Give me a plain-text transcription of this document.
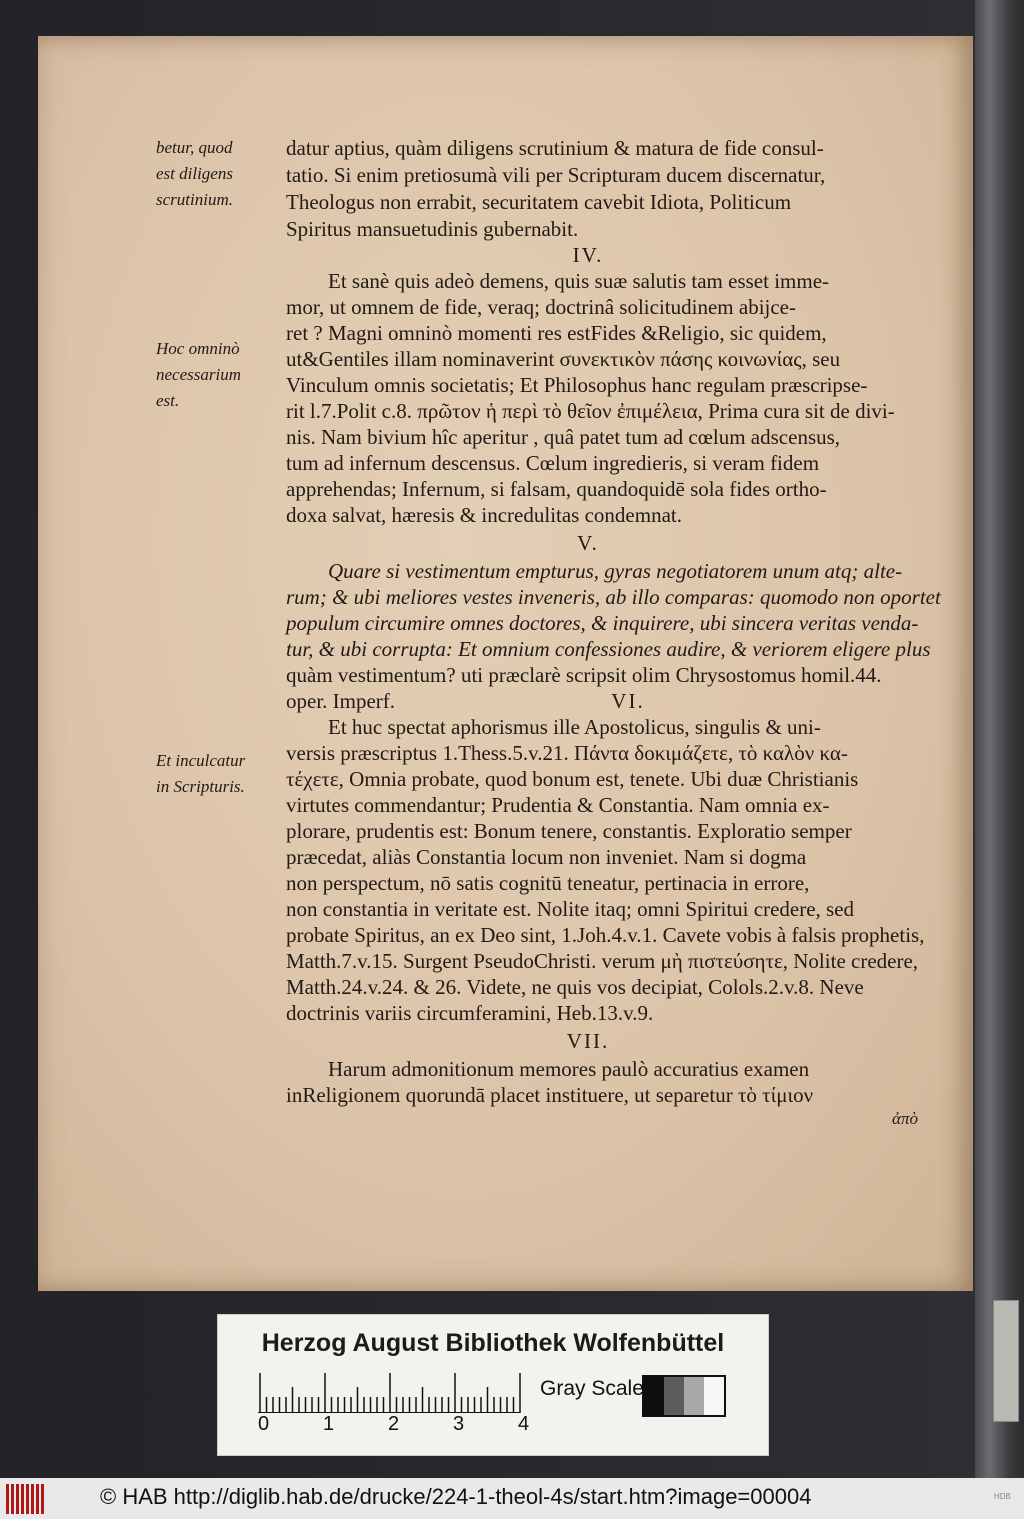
betur, quod
est diligens
scrutinium.
Hoc omninò
necessarium
est.
Et inculcatur
in Scripturis.
datur aptius, quàm diligens scrutinium & matura de fide consul-
tatio. Si enim pretiosumà vili per Scripturam ducem discernatur,
Theologus non errabit, securitatem cavebit Idiota, Politicum
Spiritus mansuetudinis gubernabit.
IV.
Et sanè quis adeò demens, quis suæ salutis tam esset imme-
mor, ut omnem de fide, veraq; doctrinâ solicitudinem abijce-
ret ? Magni omninò momenti res estFides &Religio, sic quidem,
ut&Gentiles illam nominaverint συνεκτικὸν πάσης κοινωνίας, seu
Vinculum omnis societatis; Et Philosophus hanc regulam præscripse-
rit l.7.Polit c.8. πρῶτον ἡ περὶ τὸ θεῖον ἐπιμέλεια, Prima cura sit de divi-
nis. Nam bivium hîc aperitur , quâ patet tum ad cœlum adscensus,
tum ad infernum descensus. Cœlum ingredieris, si veram fidem
apprehendas; Infernum, si falsam, quandoquidē sola fides ortho-
doxa salvat, hæresis & incredulitas condemnat.
V.
Quare si vestimentum empturus, gyras negotiatorem unum atq; alte-
rum; & ubi meliores vestes inveneris, ab illo comparas: quomodo non oportet
populum circumire omnes doctores, & inquirere, ubi sincera veritas venda-
tur, & ubi corrupta: Et omnium confessiones audire, & veriorem eligere plus
quàm vestimentum? uti præclarè scripsit olim Chrysostomus homil.44.
oper. Imperf.	VI.
Et huc spectat aphorismus ille Apostolicus, singulis & uni-
versis præscriptus 1.Thess.5.v.21. Πάντα δοκιμάζετε, τὸ καλὸν κα-
τέχετε, Omnia probate, quod bonum est, tenete. Ubi duæ Christianis
virtutes commendantur; Prudentia & Constantia. Nam omnia ex-
plorare, prudentis est: Bonum tenere, constantis. Exploratio semper
præcedat, aliàs Constantia locum non inveniet. Nam si dogma
non perspectum, nō satis cognitū teneatur, pertinacia in errore,
non constantia in veritate est. Nolite itaq; omni Spiritui credere, sed
probate Spiritus, an ex Deo sint, 1.Joh.4.v.1. Cavete vobis à falsis prophetis,
Matth.7.v.15. Surgent PseudoChristi. verum μὴ πιστεύσητε, Nolite credere,
Matth.24.v.24. & 26. Videte, ne quis vos decipiat, Colols.2.v.8. Neve
doctrinis variis circumferamini, Heb.13.v.9.
VII.
Harum admonitionum memores paulò accuratius examen
inReligionem quorundā placet instituere, ut separetur τὸ τίμιον
ἀπὸ
Herzog August Bibliothek Wolfenbüttel
0	1	2	3	4
Gray Scale
© HAB http://diglib.hab.de/drucke/224-1-theol-4s/start.htm?image=00004	HDB
